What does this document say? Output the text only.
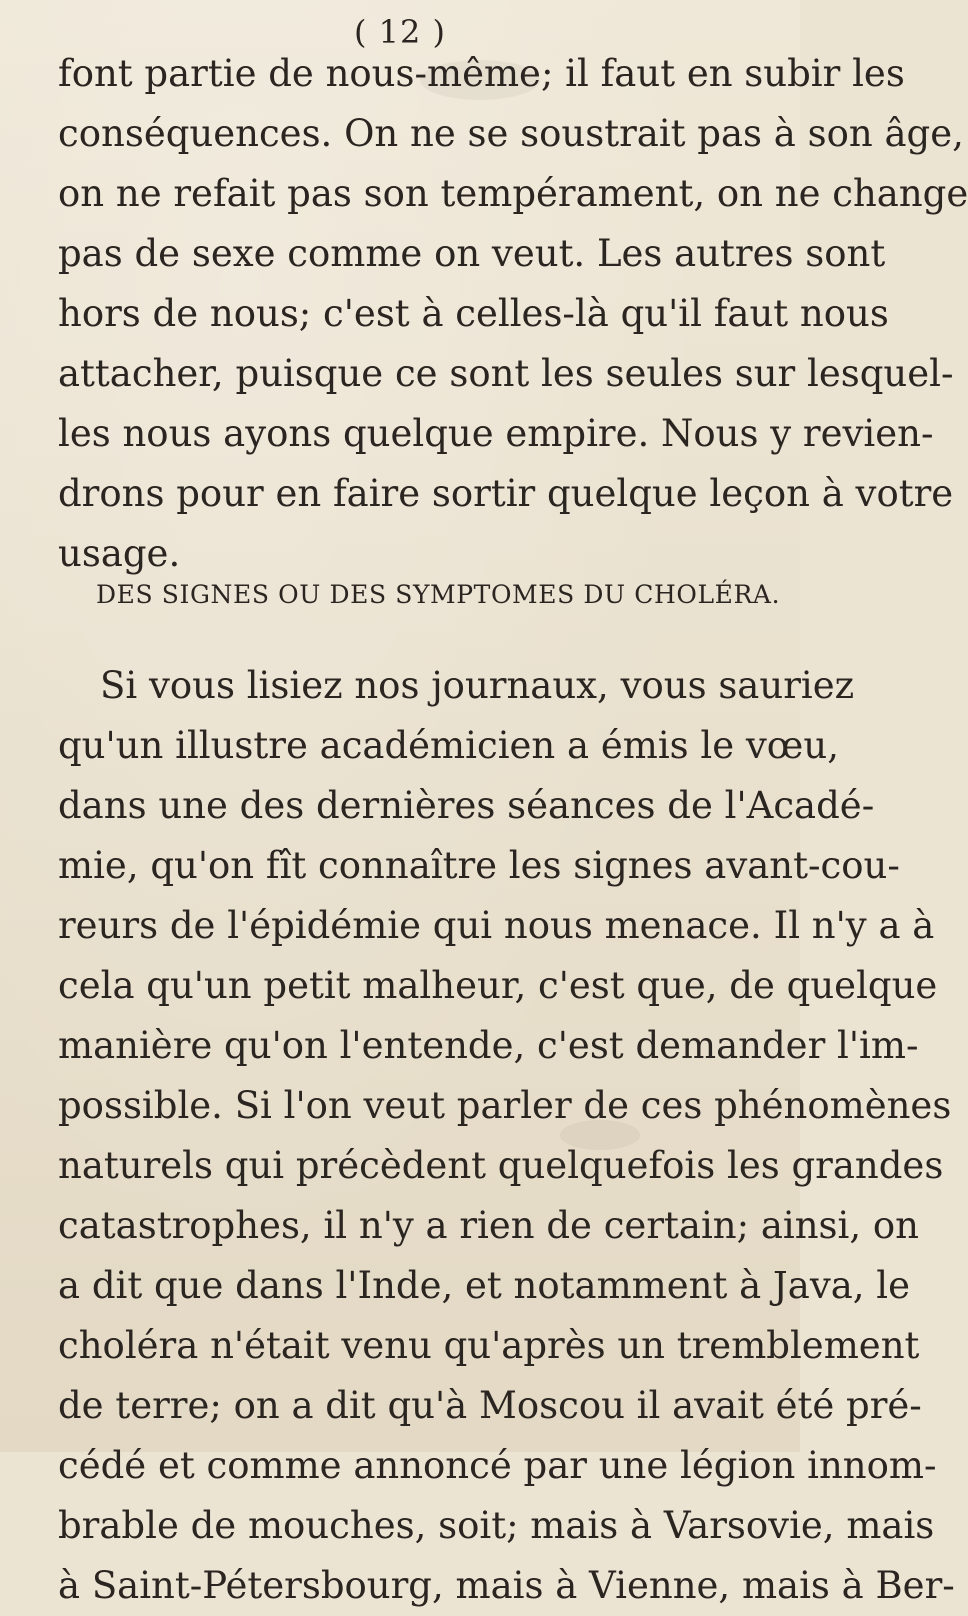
( 12 )
font partie de nous-même; il faut en subir les
conséquences. On ne se soustrait pas à son âge,
on ne refait pas son tempérament, on ne change
pas de sexe comme on veut. Les autres sont
hors de nous; c'est à celles-là qu'il faut nous
attacher, puisque ce sont les seules sur lesquel-
les nous ayons quelque empire. Nous y revien-
drons pour en faire sortir quelque leçon à votre
usage.
DES SIGNES OU DES SYMPTOMES DU CHOLÉRA.
Si vous lisiez nos journaux, vous sauriez
qu'un illustre académicien a émis le vœu,
dans une des dernières séances de l'Acadé-
mie, qu'on fît connaître les signes avant-cou-
reurs de l'épidémie qui nous menace. Il n'y a à
cela qu'un petit malheur, c'est que, de quelque
manière qu'on l'entende, c'est demander l'im-
possible. Si l'on veut parler de ces phénomènes
naturels qui précèdent quelquefois les grandes
catastrophes, il n'y a rien de certain; ainsi, on
a dit que dans l'Inde, et notamment à Java, le
choléra n'était venu qu'après un tremblement
de terre; on a dit qu'à Moscou il avait été pré-
cédé et comme annoncé par une légion innom-
brable de mouches, soit; mais à Varsovie, mais
à Saint-Pétersbourg, mais à Vienne, mais à Ber-
